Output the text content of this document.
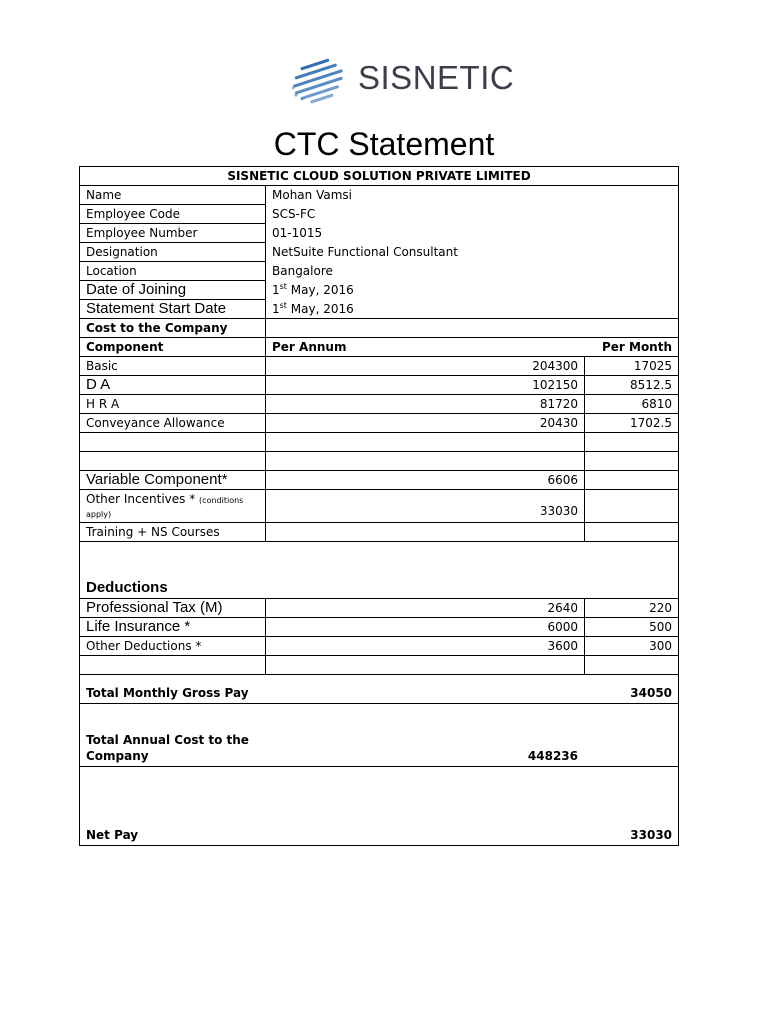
SISNETIC
CTC Statement
SISNETIC CLOUD SOLUTION PRIVATE LIMITED		
Name	Mohan Vamsi	
Employee Code	SCS-FC	
Employee Number	01-1015	
Designation	NetSuite Functional Consultant	
Location	Bangalore	
Date of Joining	1st May, 2016	
Statement Start Date	1st May, 2016	
Cost to the Company		
Component	Per Annum Per Month	

Basic	204300	17025
D A	102150	8512.5
H R A	81720	6810
Conveyance Allowance	20430	1702.5

Variable Component*	6606	
Other Incentives * (conditions apply)	33030	
Training + NS Courses		
Deductions		
Professional Tax (M)	2640	220
Life Insurance *	6000	500
Other Deductions *	3600	300

Total Monthly Gross Pay 34050		

Total Annual Cost to the
Company 448236		

Net Pay 33030		
